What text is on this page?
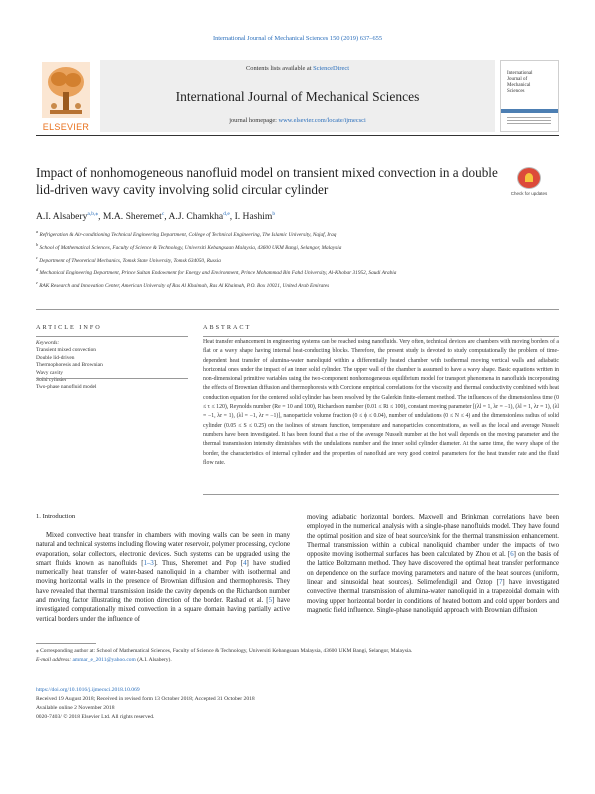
International Journal of Mechanical Sciences 150 (2019) 637–655
ELSEVIER
Contents lists available at ScienceDirect
International Journal of Mechanical Sciences
journal homepage: www.elsevier.com/locate/ijmecsci
International Journal of Mechanical Sciences
Impact of nonhomogeneous nanofluid model on transient mixed convection in a double lid-driven wavy cavity involving solid circular cylinder	Check for updates
A.I. Alsabery$^{a,b,⁎}$, M.A. Sheremet$^c$, A.J. Chamkha$^{d,e}$, I. Hashim$^b$
$^a$ Refrigeration & Air-conditioning Technical Engineering Department, College of Technical Engineering, The Islamic University, Najaf, Iraq
$^b$ School of Mathematical Sciences, Faculty of Science & Technology, Universiti Kebangsaan Malaysia, 43600 UKM Bangi, Selangor, Malaysia
$^c$ Department of Theoretical Mechanics, Tomsk State University, Tomsk 634050, Russia
$^d$ Mechanical Engineering Department, Prince Sultan Endowment for Energy and Environment, Prince Mohammad Bin Fahd University, Al-Khobar 31952, Saudi Arabia
$^e$ RAK Research and Innovation Center, American University of Ras Al Khaimah, Ras Al Khaimah, P.O. Box 10021, United Arab Emirates
ARTICLE INFO	ABSTRACT
Keywords:
Transient mixed convection
Double lid-driven
Thermophoresis and Brownian
Wavy cavity
Solid cylinder
Two-phase nanofluid model
Heat transfer enhancement in engineering systems can be reached using nanofluids. Very often, technical devices are chambers with moving borders of a flat or a wavy shape having internal heat-conducting blocks. Therefore, the present study is devoted to study computationally the problem of time-dependent heat transfer of alumina-water nanoliquid within a differentially heated chamber with isothermal moving vertical walls and adiabatic horizontal ones under the impact of an inner solid cylinder. The upper wall of the chamber is assumed to have a wavy shape. Basic equations written in non-dimensional primitive variables using the two-component nonhomogeneous equilibrium model for transport phenomena in nanofluids incorporating the effects of Brownian diffusion and thermophoresis with Corcione empirical correlations for the viscosity and thermal conductivity combined with heat conduction equation for the centered solid cylinder has been resolved by the Galerkin finite-element method. The influences of the dimensionless time (0 ≤ τ ≤ 120), Reynolds number (Re = 10 and 100), Richardson number (0.01 ≤ Ri ≤ 100), constant moving parameter [(λl = 1, λr = −1), (λl = 1, λr = 1), (λl = −1, λr = 1), (λl = −1, λr = −1)], nanoparticle volume fraction (0 ≤ ϕ ≤ 0.04), number of undulations (0 ≤ N ≤ 4) and the dimensionless radius of solid cylinder (0.05 ≤ S ≤ 0.25) on the isolines of stream function, temperature and nanoparticles concentrations, as well as the local and average Nusselt numbers have been investigated. It has been found that a rise of the average Nusselt number at the hot wall depends on the moving parameter and the thermal transmission intensity diminishes with the undulations number and the inner solid cylinder diameter. At the same time, the wavy shape of the border, the characteristics of internal cylinder and the properties of nanofluid are very good control parameters for the heat transfer rate and the fluid flow rate.
1. Introduction

Mixed convective heat transfer in chambers with moving walls can be seen in many natural and technical systems including flowing water reservoir, polymer processing, cyclone evaporation, solar collectors, electronic devices. Such systems can be upgraded using the smart fluids known as nanofluids [1–3]. Thus, Sheremet and Pop [4] have studied numerically heat transfer of water-based nanoliquid in a chamber with isothermal and moving horizontal walls in the presence of Brownian diffusion and thermophoresis. They have revealed that thermal transmission inside the cavity depends on the Richardson number and moving factor illustrating the motion direction of the border. Rashad et al. [5] have investigated computationally mixed convection in a square domain having partially active vertical borders under the influence of

moving adiabatic horizontal borders. Maxwell and Brinkman correlations have been employed in the numerical analysis with a single-phase nanofluids model. They have found the optimal position and size of heat source/sink for the thermal transmission enhancement. Thermal transmission within a cubical nanoliquid chamber under the impacts of two opposite moving isothermal surfaces has been calculated by Zhou et al. [6] on the basis of the lattice Boltzmann method. They have discovered the optimal heat transfer performance on dependence on the surface moving parameters and nature of the heat sources (uniform, linear and sinusoidal heat sources). Selimefendigil and Öztop [7] have investigated convective thermal transmission of alumina-water nanoliquid in a trapezoidal domain with moving upper horizontal border in conditions of heated bottom and cold upper borders and magnetic field influence. Single-phase nanoliquid approach with Brownian diffusion

⁎ Corresponding author at: School of Mathematical Sciences, Faculty of Science & Technology, Universiti Kebangsaan Malaysia, 43600 UKM Bangi, Selangor, Malaysia.
E-mail address: ammar_e_2011@yahoo.com (A.I. Alsabery).
https://doi.org/10.1016/j.ijmecsci.2018.10.069
Received 19 August 2018; Received in revised form 13 October 2018; Accepted 31 October 2018
Available online 2 November 2018
0020-7403/ © 2018 Elsevier Ltd. All rights reserved.
